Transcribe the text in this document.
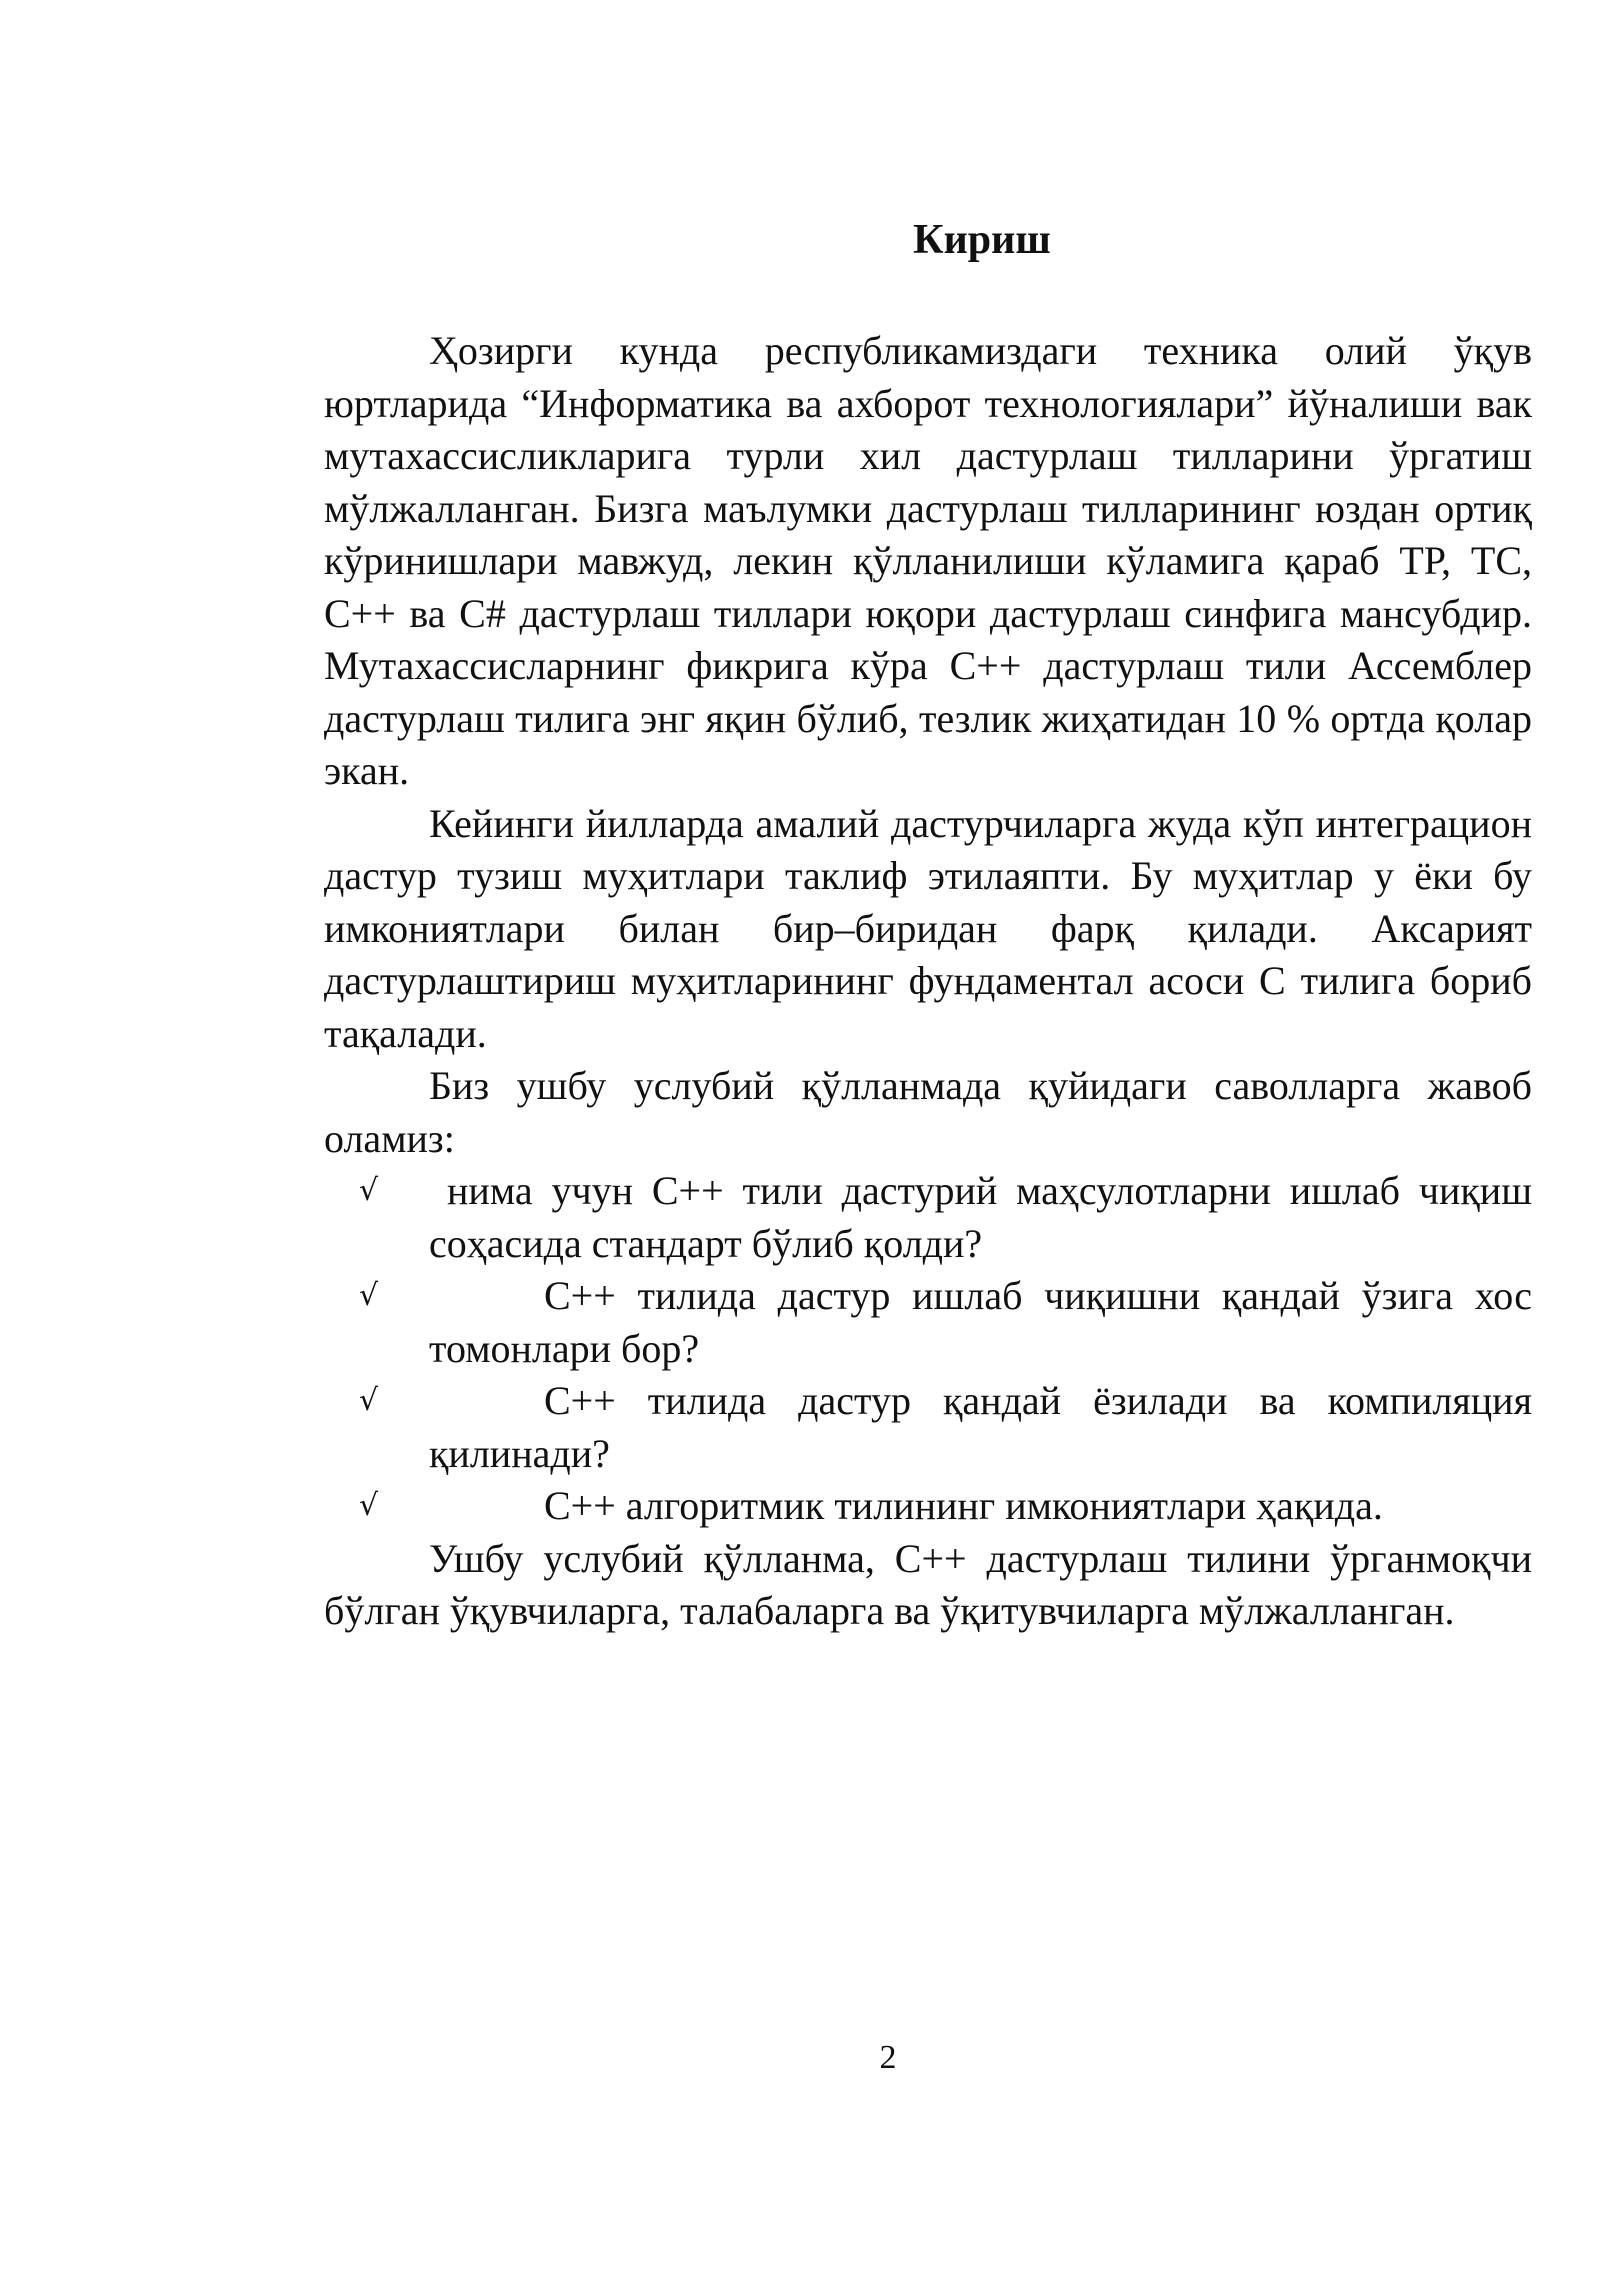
Кириш

Ҳозирги кунда республикамиздаги техника олий ўқув юртларида “Информатика ва ахборот технологиялари” йўналиши вак мутахассисликларига турли хил дастурлаш тилларини ўргатиш мўлжалланган. Бизга маълумки дастурлаш тилларининг юздан ортиқ кўринишлари мавжуд, лекин қўлланилиши кўламига қараб ТР, ТС, С++ ва С# дастурлаш тиллари юқори дастурлаш синфига мансубдир. Мутахассисларнинг фикрига кўра С++ дастурлаш тили Ассемблер дастурлаш тилига энг яқин бўлиб, тезлик жиҳатидан 10 % ортда қолар экан.

Кейинги йилларда амалий дастурчиларга жуда кўп интеграцион дастур тузиш муҳитлари таклиф этилаяпти. Бу муҳитлар у ёки бу имкониятлари билан бир–биридан фарқ қилади. Аксарият дастурлаштириш муҳитларининг фундаментал асоси С тилига бориб тақалади.

Биз ушбу услубий қўлланмада қуйидаги саволларга жавоб оламиз:

√ нима учун С++ тили дастурий маҳсулотларни ишлаб чиқиш соҳасида стандарт бўлиб қолди?
√	С++ тилида дастур ишлаб чиқишни қандай ўзига хос томонлари бор?
√	С++ тилида дастур қандай ёзилади ва компиляция қилинади?
√	С++ алгоритмик тилининг имкониятлари ҳақида.

Ушбу услубий қўлланма, С++ дастурлаш тилини ўрганмоқчи бўлган ўқувчиларга, талабаларга ва ўқитувчиларга мўлжалланган.

2
